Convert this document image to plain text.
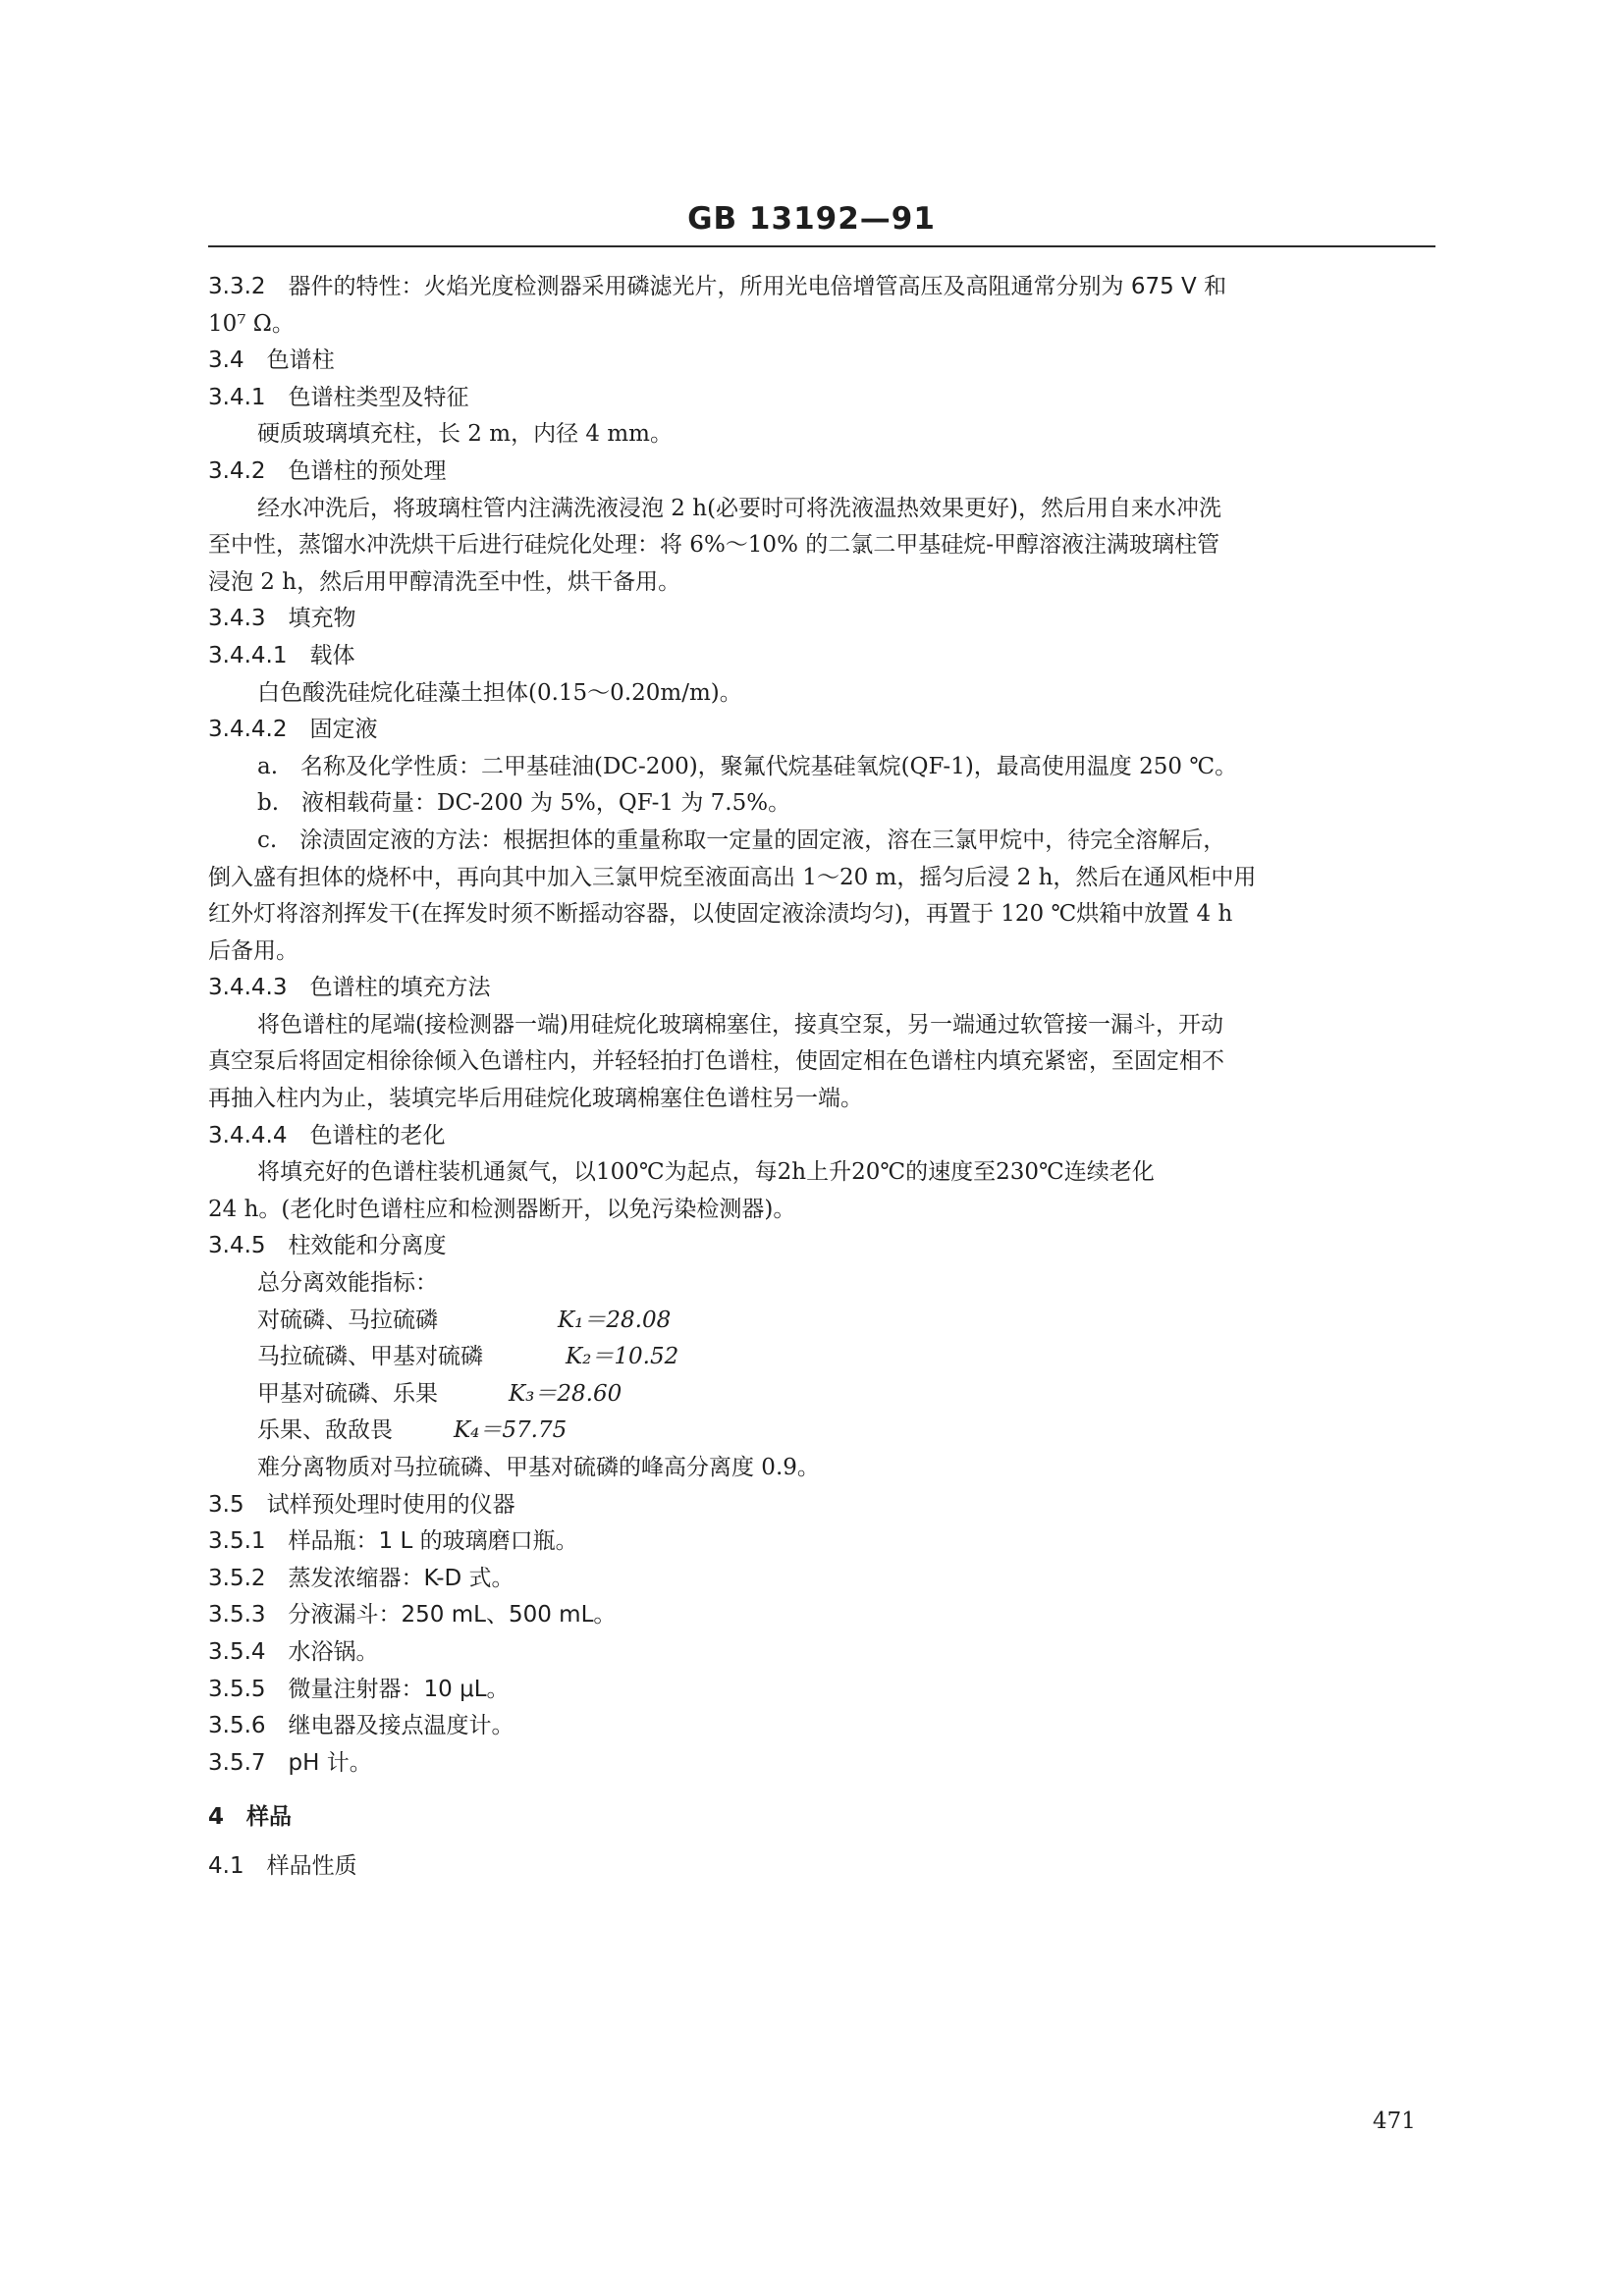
GB 13192—91
3.3.2　器件的特性：火焰光度检测器采用磷滤光片，所用光电倍增管高压及高阻通常分别为 675 V 和
10⁷ Ω。
3.4　色谱柱
3.4.1　色谱柱类型及特征
硬质玻璃填充柱，长 2 m，内径 4 mm。
3.4.2　色谱柱的预处理
经水冲洗后，将玻璃柱管内注满洗液浸泡 2 h(必要时可将洗液温热效果更好)，然后用自来水冲洗
至中性，蒸馏水冲洗烘干后进行硅烷化处理：将 6%～10% 的二氯二甲基硅烷-甲醇溶液注满玻璃柱管
浸泡 2 h，然后用甲醇清洗至中性，烘干备用。
3.4.3　填充物
3.4.4.1　载体
白色酸洗硅烷化硅藻土担体(0.15～0.20m/m)。
3.4.4.2　固定液
a.　名称及化学性质：二甲基硅油(DC-200)，聚氟代烷基硅氧烷(QF-1)，最高使用温度 250 ℃。
b.　液相载荷量：DC-200 为 5%，QF-1 为 7.5%。
c.　涂渍固定液的方法：根据担体的重量称取一定量的固定液，溶在三氯甲烷中，待完全溶解后，
倒入盛有担体的烧杯中，再向其中加入三氯甲烷至液面高出 1～20 m，摇匀后浸 2 h，然后在通风柜中用
红外灯将溶剂挥发干(在挥发时须不断摇动容器，以使固定液涂渍均匀)，再置于 120 ℃烘箱中放置 4 h
后备用。
3.4.4.3　色谱柱的填充方法
将色谱柱的尾端(接检测器一端)用硅烷化玻璃棉塞住，接真空泵，另一端通过软管接一漏斗，开动
真空泵后将固定相徐徐倾入色谱柱内，并轻轻拍打色谱柱，使固定相在色谱柱内填充紧密，至固定相不
再抽入柱内为止，装填完毕后用硅烷化玻璃棉塞住色谱柱另一端。
3.4.4.4　色谱柱的老化
将填充好的色谱柱装机通氮气，以100℃为起点，每2h上升20℃的速度至230℃连续老化
24 h。(老化时色谱柱应和检测器断开，以免污染检测器)。
3.4.5　柱效能和分离度
总分离效能指标：
对硫磷、马拉硫磷	K₁＝28.08
马拉硫磷、甲基对硫磷	K₂＝10.52
甲基对硫磷、乐果	K₃＝28.60
乐果、敌敌畏	K₄＝57.75
难分离物质对马拉硫磷、甲基对硫磷的峰高分离度 0.9。
3.5　试样预处理时使用的仪器
3.5.1　样品瓶：1 L 的玻璃磨口瓶。
3.5.2　蒸发浓缩器：K-D 式。
3.5.3　分液漏斗：250 mL、500 mL。
3.5.4　水浴锅。
3.5.5　微量注射器：10 μL。
3.5.6　继电器及接点温度计。
3.5.7　pH 计。
4　样品
4.1　样品性质
471
